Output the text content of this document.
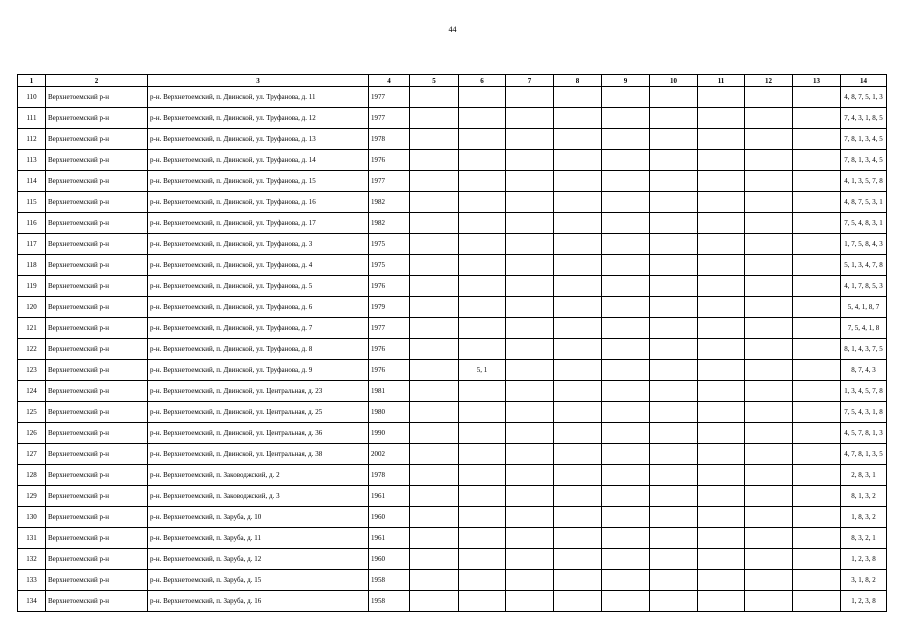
44
1	2	3	4	5	6	7	8	9	10	11	12	13	14
110	Верхнетоемский р-н	р-н. Верхнетоемский, п. Двинской, ул. Труфанова, д. 11	1977										4, 8, 7, 5, 1, 3
111	Верхнетоемский р-н	р-н. Верхнетоемский, п. Двинской, ул. Труфанова, д. 12	1977										7, 4, 3, 1, 8, 5
112	Верхнетоемский р-н	р-н. Верхнетоемский, п. Двинской, ул. Труфанова, д. 13	1978										7, 8, 1, 3, 4, 5
113	Верхнетоемский р-н	р-н. Верхнетоемский, п. Двинской, ул. Труфанова, д. 14	1976										7, 8, 1, 3, 4, 5
114	Верхнетоемский р-н	р-н. Верхнетоемский, п. Двинской, ул. Труфанова, д. 15	1977										4, 1, 3, 5, 7, 8
115	Верхнетоемский р-н	р-н. Верхнетоемский, п. Двинской, ул. Труфанова, д. 16	1982										4, 8, 7, 5, 3, 1
116	Верхнетоемский р-н	р-н. Верхнетоемский, п. Двинской, ул. Труфанова, д. 17	1982										7, 5, 4, 8, 3, 1
117	Верхнетоемский р-н	р-н. Верхнетоемский, п. Двинской, ул. Труфанова, д. 3	1975										1, 7, 5, 8, 4, 3
118	Верхнетоемский р-н	р-н. Верхнетоемский, п. Двинской, ул. Труфанова, д. 4	1975										5, 1, 3, 4, 7, 8
119	Верхнетоемский р-н	р-н. Верхнетоемский, п. Двинской, ул. Труфанова, д. 5	1976										4, 1, 7, 8, 5, 3
120	Верхнетоемский р-н	р-н. Верхнетоемский, п. Двинской, ул. Труфанова, д. 6	1979										5, 4, 1, 8, 7
121	Верхнетоемский р-н	р-н. Верхнетоемский, п. Двинской, ул. Труфанова, д. 7	1977										7, 5, 4, 1, 8
122	Верхнетоемский р-н	р-н. Верхнетоемский, п. Двинской, ул. Труфанова, д. 8	1976										8, 1, 4, 3, 7, 5
123	Верхнетоемский р-н	р-н. Верхнетоемский, п. Двинской, ул. Труфанова, д. 9	1976		5, 1								8, 7, 4, 3
124	Верхнетоемский р-н	р-н. Верхнетоемский, п. Двинской, ул. Центральная, д. 23	1981										1, 3, 4, 5, 7, 8
125	Верхнетоемский р-н	р-н. Верхнетоемский, п. Двинской, ул. Центральная, д. 25	1980										7, 5, 4, 3, 1, 8
126	Верхнетоемский р-н	р-н. Верхнетоемский, п. Двинской, ул. Центральная, д. 36	1990										4, 5, 7, 8, 1, 3
127	Верхнетоемский р-н	р-н. Верхнетоемский, п. Двинской, ул. Центральная, д. 38	2002										4, 7, 8, 1, 3, 5
128	Верхнетоемский р-н	р-н. Верхнетоемский, п. Заководжский, д. 2	1978										2, 8, 3, 1
129	Верхнетоемский р-н	р-н. Верхнетоемский, п. Заководжский, д. 3	1961										8, 1, 3, 2
130	Верхнетоемский р-н	р-н. Верхнетоемский, п. Заруба, д. 10	1960										1, 8, 3, 2
131	Верхнетоемский р-н	р-н. Верхнетоемский, п. Заруба, д. 11	1961										8, 3, 2, 1
132	Верхнетоемский р-н	р-н. Верхнетоемский, п. Заруба, д. 12	1960										1, 2, 3, 8
133	Верхнетоемский р-н	р-н. Верхнетоемский, п. Заруба, д. 15	1958										3, 1, 8, 2
134	Верхнетоемский р-н	р-н. Верхнетоемский, п. Заруба, д. 16	1958										1, 2, 3, 8
